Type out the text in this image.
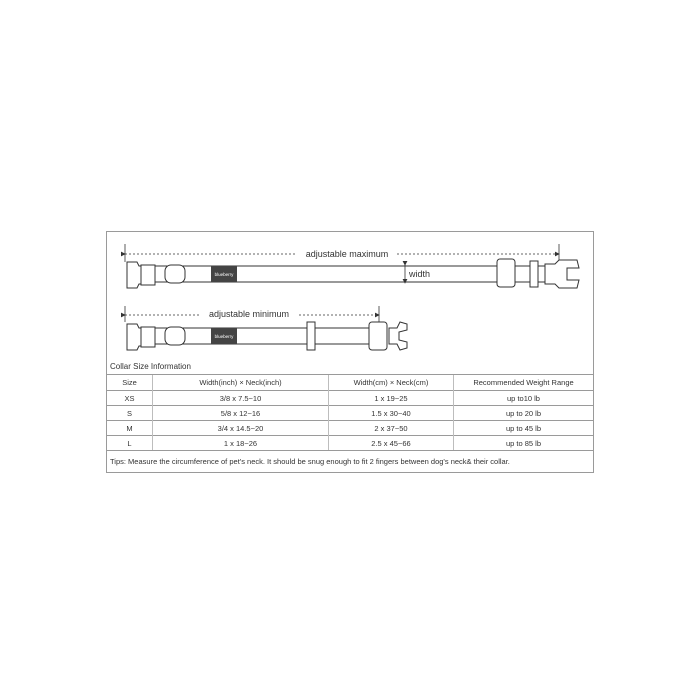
adjustable maximum
blueberry	width
adjustable minimum
blueberry
Collar Size Information
Size	Width(inch) × Neck(inch)	Width(cm) × Neck(cm)	Recommended Weight Range
XS	3/8 x 7.5~10	1 x 19~25	up to10 lb
S	5/8 x 12~16	1.5 x 30~40	up to 20 lb
M	3/4 x 14.5~20	2 x 37~50	up to 45 lb
L	1 x 18~26	2.5 x 45~66	up to 85 lb
Tips: Measure the circumference of pet's neck. It should be snug enough to fit 2 fingers between dog's neck& their collar.
